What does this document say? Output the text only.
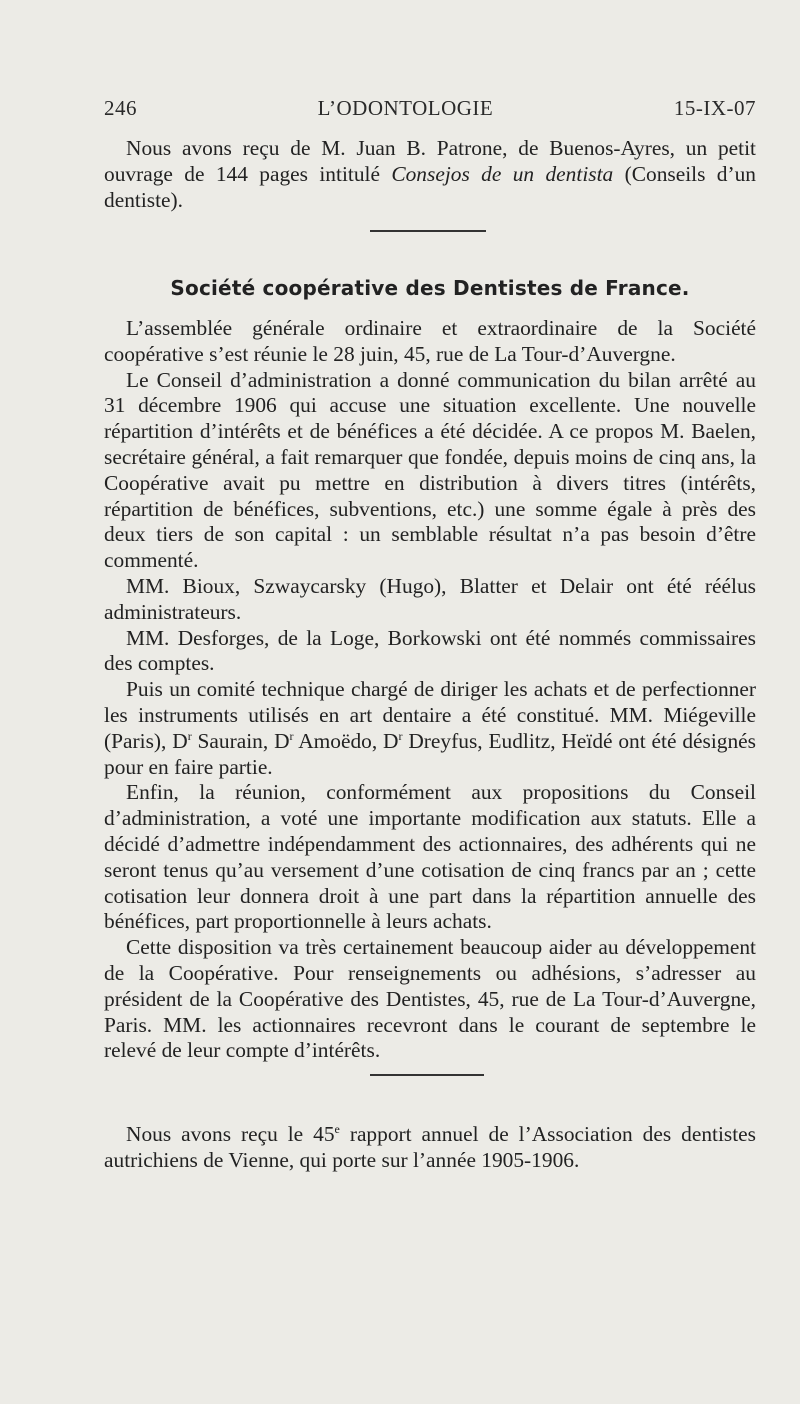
246	L’ODONTOLOGIE	15-IX-07

Nous avons reçu de M. Juan B. Patrone, de Buenos-Ayres, un petit ouvrage de 144 pages intitulé Consejos de un dentista (Conseils d’un dentiste).

Société coopérative des Dentistes de France.

L’assemblée générale ordinaire et extraordinaire de la Société coopérative s’est réunie le 28 juin, 45, rue de La Tour-d’Auvergne.

Le Conseil d’administration a donné communication du bilan arrêté au 31 décembre 1906 qui accuse une situation excellente. Une nouvelle répartition d’intérêts et de bénéfices a été décidée. A ce propos M. Baelen, secrétaire général, a fait remarquer que fondée, depuis moins de cinq ans, la Coopérative avait pu mettre en distribution à divers titres (intérêts, répartition de bénéfices, subventions, etc.) une somme égale à près des deux tiers de son capital : un semblable résultat n’a pas besoin d’être commenté.

MM. Bioux, Szwaycarsky (Hugo), Blatter et Delair ont été réélus administrateurs.

MM. Desforges, de la Loge, Borkowski ont été nommés commissaires des comptes.

Puis un comité technique chargé de diriger les achats et de perfectionner les instruments utilisés en art dentaire a été constitué. MM. Miégeville (Paris), $D^r$ Saurain, $D^r$ Amoëdo, $D^r$ Dreyfus, Eudlitz, Heïdé ont été désignés pour en faire partie.

Enfin, la réunion, conformément aux propositions du Conseil d’administration, a voté une importante modification aux statuts. Elle a décidé d’admettre indépendamment des actionnaires, des adhérents qui ne seront tenus qu’au versement d’une cotisation de cinq francs par an ; cette cotisation leur donnera droit à une part dans la répartition annuelle des bénéfices, part proportionnelle à leurs achats.

Cette disposition va très certainement beaucoup aider au développement de la Coopérative. Pour renseignements ou adhésions, s’adresser au président de la Coopérative des Dentistes, 45, rue de La Tour-d’Auvergne, Paris. MM. les actionnaires recevront dans le courant de septembre le relevé de leur compte d’intérêts.

Nous avons reçu le 45e rapport annuel de l’Association des dentistes autrichiens de Vienne, qui porte sur l’année 1905-1906.
